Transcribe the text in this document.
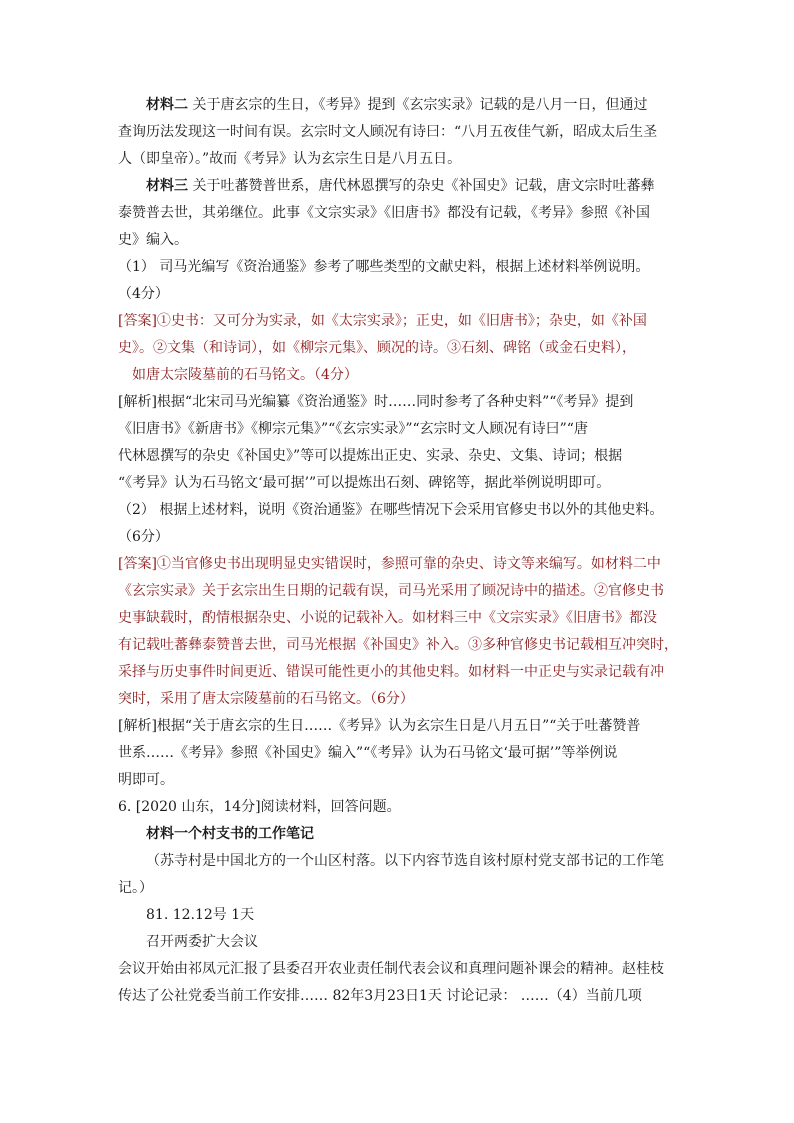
材料二 关于唐玄宗的生日，《考异》提到《玄宗实录》记载的是八月一日，但通过
查询历法发现这一时间有误。玄宗时文人顾况有诗曰：“八月五夜佳气新，昭成太后生圣
人（即皇帝）。”故而《考异》认为玄宗生日是八月五日。
材料三 关于吐蕃赞普世系，唐代林恩撰写的杂史《补国史》记载，唐文宗时吐蕃彝
泰赞普去世，其弟继位。此事《文宗实录》《旧唐书》都没有记载，《考异》参照《补国
史》编入。
（1） 司马光编写《资治通鉴》参考了哪些类型的文献史料，根据上述材料举例说明。
（4分）
[答案]①史书：又可分为实录，如《太宗实录》；正史，如《旧唐书》；杂史，如《补国
史》。②文集（和诗词），如《柳宗元集》、顾况的诗。③石刻、碑铭（或金石史料），
如唐太宗陵墓前的石马铭文。（4分）
[解析]根据“北宋司马光编纂《资治通鉴》时……同时参考了各种史料”“《考异》提到
《旧唐书》《新唐书》《柳宗元集》”“《玄宗实录》”“玄宗时文人顾况有诗曰”“唐
代林恩撰写的杂史《补国史》”等可以提炼出正史、实录、杂史、文集、诗词；根据
“《考异》认为石马铭文‘最可据’”可以提炼出石刻、碑铭等，据此举例说明即可。
（2） 根据上述材料，说明《资治通鉴》在哪些情况下会采用官修史书以外的其他史料。
（6分）
[答案]①当官修史书出现明显史实错误时，参照可靠的杂史、诗文等来编写。如材料二中
《玄宗实录》关于玄宗出生日期的记载有误，司马光采用了顾况诗中的描述。②官修史书
史事缺载时，酌情根据杂史、小说的记载补入。如材料三中《文宗实录》《旧唐书》都没
有记载吐蕃彝泰赞普去世，司马光根据《补国史》补入。③多种官修史书记载相互冲突时，
采择与历史事件时间更近、错误可能性更小的其他史料。如材料一中正史与实录记载有冲
突时，采用了唐太宗陵墓前的石马铭文。（6分）
[解析]根据“关于唐玄宗的生日……《考异》认为玄宗生日是八月五日”“关于吐蕃赞普
世系……《考异》参照《补国史》编入”“《考异》认为石马铭文‘最可据’”等举例说
明即可。
6. [2020 山东，14分]阅读材料，回答问题。
材料一个村支书的工作笔记
（苏寺村是中国北方的一个山区村落。以下内容节选自该村原村党支部书记的工作笔
记。）
81. 12.12号 1天
召开两委扩大会议
会议开始由祁凤元汇报了县委召开农业责任制代表会议和真理问题补课会的精神。赵桂枝
传达了公社党委当前工作安排…… 82年3月23日1天 讨论记录： ……（4）当前几项
